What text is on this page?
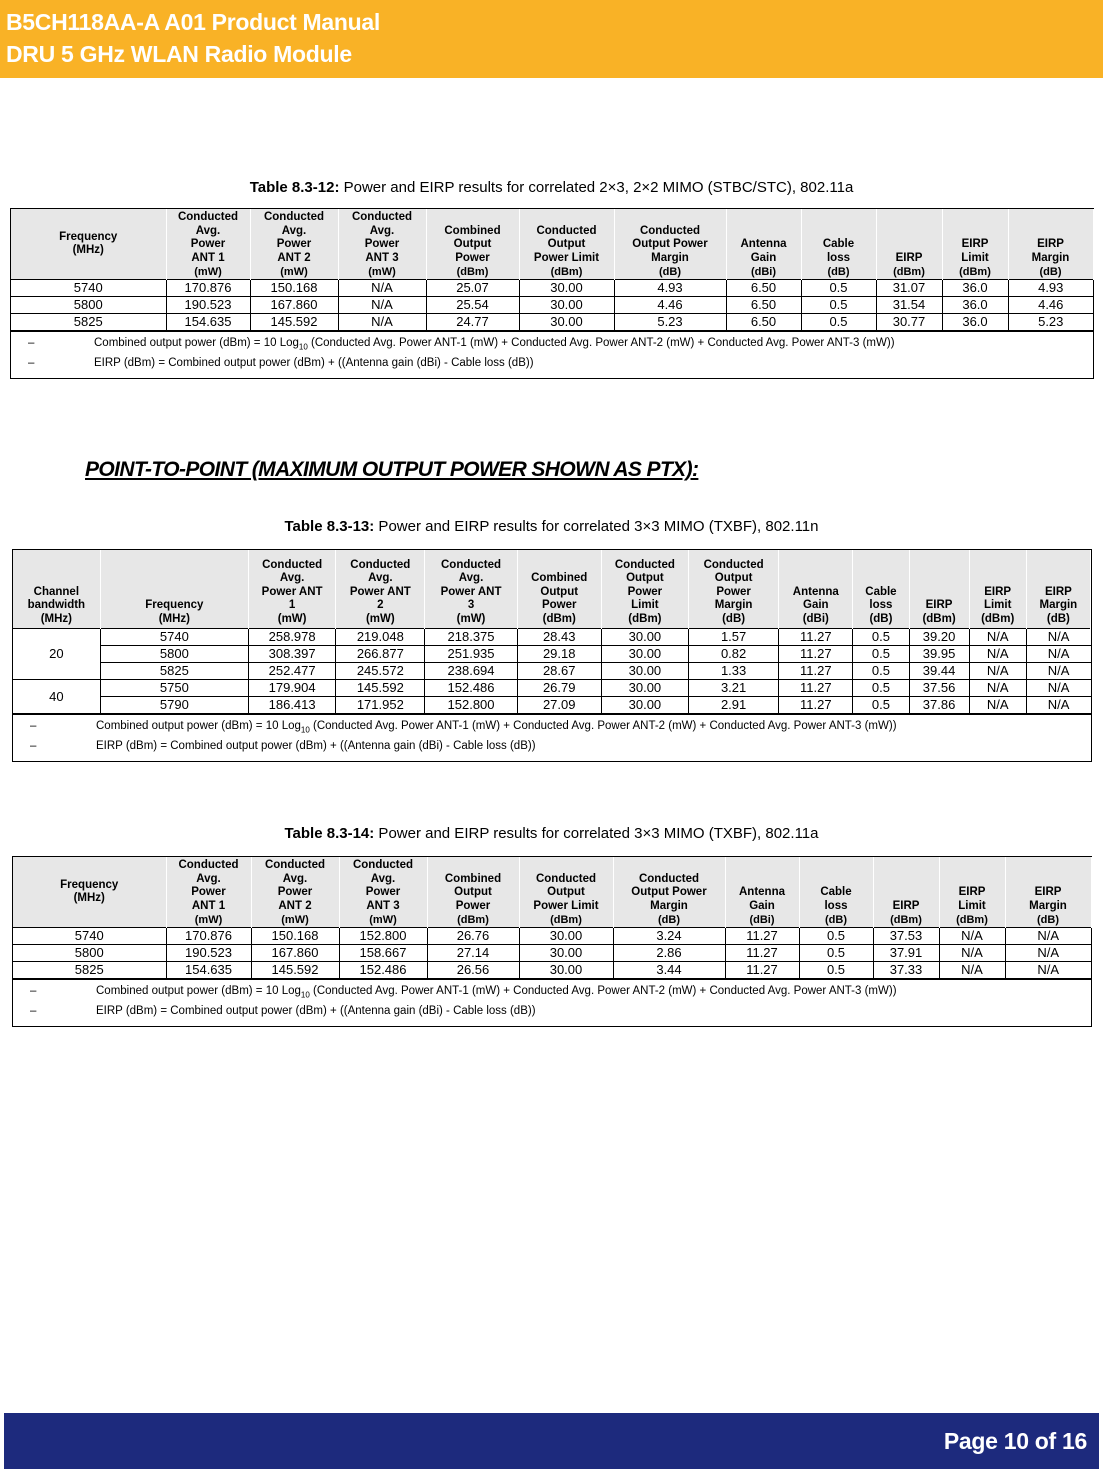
B5CH118AA-A A01 Product Manual
DRU 5 GHz WLAN Radio Module
Table 8.3-12: Power and EIRP results for correlated 2×3, 2×2 MIMO (STBC/STC), 802.11a
Frequency
(MHz)	Conducted
Avg.
Power
ANT 1	Conducted
Avg.
Power
ANT 2	Conducted
Avg.
Power
ANT 3	Combined
Output
Power	Conducted
Output
Power Limit	Conducted
Output Power
Margin	Antenna
Gain	Cable
loss	EIRP	EIRP
Limit	EIRP
Margin
	(mW)	(mW)	(mW)	(dBm)	(dBm)	(dB)	(dBi)	(dB)	(dBm)	(dBm)	(dB)
5740	170.876	150.168	N/A	25.07	30.00	4.93	6.50	0.5	31.07	36.0	4.93
5800	190.523	167.860	N/A	25.54	30.00	4.46	6.50	0.5	31.54	36.0	4.46
5825	154.635	145.592	N/A	24.77	30.00	5.23	6.50	0.5	30.77	36.0	5.23
–	Combined output power (dBm) = 10 Log$_{10}$ (Conducted Avg. Power ANT-1 (mW) + Conducted Avg. Power ANT-2 (mW) + Conducted Avg. Power ANT-3 (mW))
–	EIRP (dBm) = Combined output power (dBm) + ((Antenna gain (dBi) - Cable loss (dB))
POINT-TO-POINT (MAXIMUM OUTPUT POWER SHOWN AS PTX):
Table 8.3-13: Power and EIRP results for correlated 3×3 MIMO (TXBF), 802.11n
Channel
bandwidth
(MHz)	Frequency
(MHz)	Conducted
Avg.
Power ANT
1
(mW)	Conducted
Avg.
Power ANT
2
(mW)	Conducted
Avg.
Power ANT
3
(mW)	Combined
Output
Power
(dBm)	Conducted
Output
Power
Limit
(dBm)	Conducted
Output
Power
Margin
(dB)	Antenna
Gain
(dBi)	Cable
loss
(dB)	EIRP
(dBm)	EIRP
Limit
(dBm)	EIRP
Margin
(dB)
20	5740	258.978	219.048	218.375	28.43	30.00	1.57	11.27	0.5	39.20	N/A	N/A
	5800	308.397	266.877	251.935	29.18	30.00	0.82	11.27	0.5	39.95	N/A	N/A
	5825	252.477	245.572	238.694	28.67	30.00	1.33	11.27	0.5	39.44	N/A	N/A
40	5750	179.904	145.592	152.486	26.79	30.00	3.21	11.27	0.5	37.56	N/A	N/A
	5790	186.413	171.952	152.800	27.09	30.00	2.91	11.27	0.5	37.86	N/A	N/A
–	Combined output power (dBm) = 10 Log$_{10}$ (Conducted Avg. Power ANT-1 (mW) + Conducted Avg. Power ANT-2 (mW) + Conducted Avg. Power ANT-3 (mW))
–	EIRP (dBm) = Combined output power (dBm) + ((Antenna gain (dBi) - Cable loss (dB))
Table 8.3-14: Power and EIRP results for correlated 3×3 MIMO (TXBF), 802.11a
Frequency
(MHz)	Conducted
Avg.
Power
ANT 1	Conducted
Avg.
Power
ANT 2	Conducted
Avg.
Power
ANT 3	Combined
Output
Power	Conducted
Output
Power Limit	Conducted
Output Power
Margin	Antenna
Gain	Cable
loss	EIRP	EIRP
Limit	EIRP
Margin
	(mW)	(mW)	(mW)	(dBm)	(dBm)	(dB)	(dBi)	(dB)	(dBm)	(dBm)	(dB)
5740	170.876	150.168	152.800	26.76	30.00	3.24	11.27	0.5	37.53	N/A	N/A
5800	190.523	167.860	158.667	27.14	30.00	2.86	11.27	0.5	37.91	N/A	N/A
5825	154.635	145.592	152.486	26.56	30.00	3.44	11.27	0.5	37.33	N/A	N/A
–	Combined output power (dBm) = 10 Log$_{10}$ (Conducted Avg. Power ANT-1 (mW) + Conducted Avg. Power ANT-2 (mW) + Conducted Avg. Power ANT-3 (mW))
–	EIRP (dBm) = Combined output power (dBm) + ((Antenna gain (dBi) - Cable loss (dB))
Page 10 of 16
